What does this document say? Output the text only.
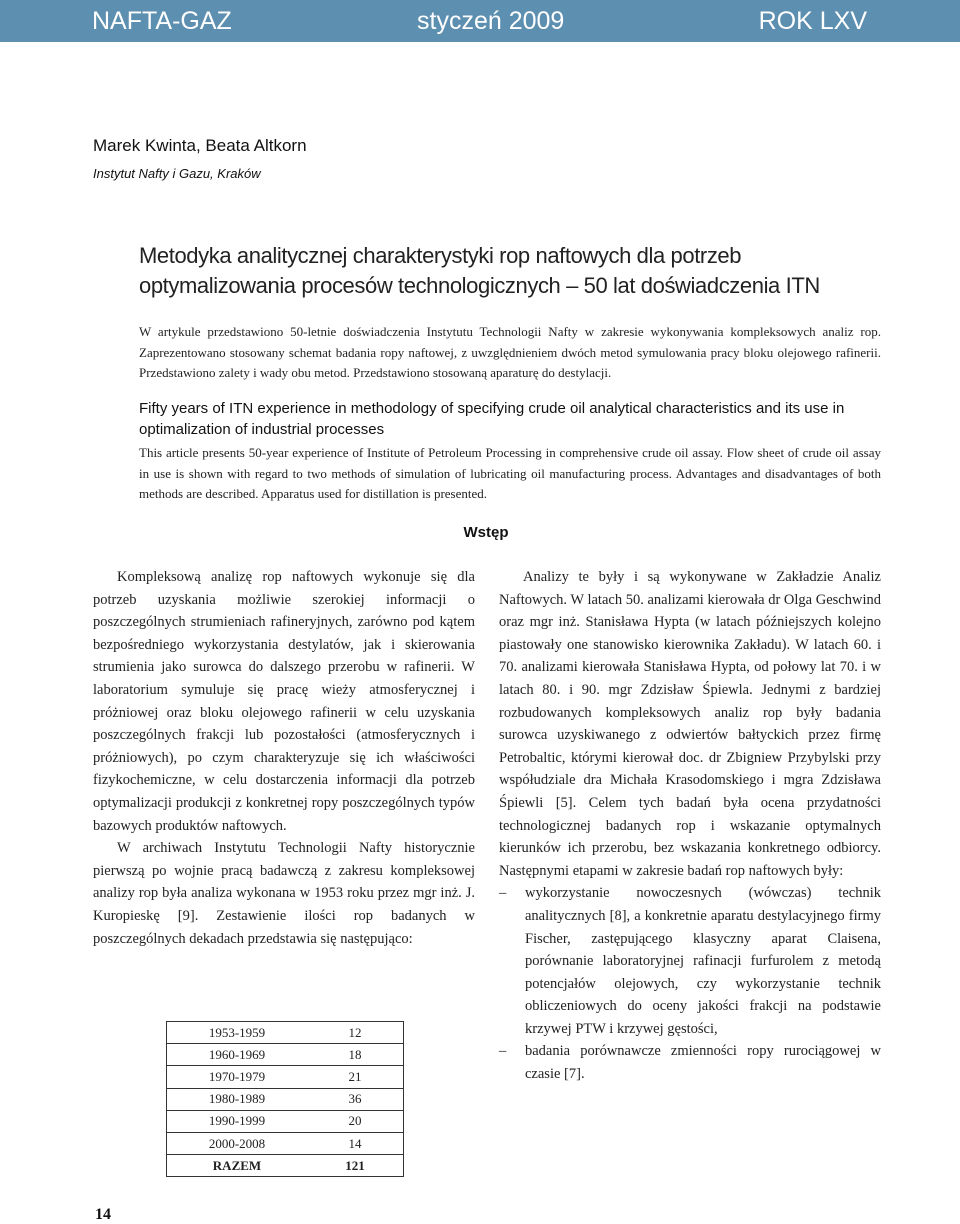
NAFTA-GAZ	styczeń 2009	ROK LXV
Marek Kwinta, Beata Altkorn
Instytut Nafty i Gazu, Kraków
Metodyka analitycznej charakterystyki rop naftowych dla potrzeb optymalizowania procesów technologicznych – 50 lat doświadczenia ITN
W artykule przedstawiono 50-letnie doświadczenia Instytutu Technologii Nafty w zakresie wykonywania kompleksowych analiz rop. Zaprezentowano stosowany schemat badania ropy naftowej, z uwzględnieniem dwóch metod symulowania pracy bloku olejowego rafinerii. Przedstawiono zalety i wady obu metod. Przedstawiono stosowaną aparaturę do destylacji.
Fifty years of ITN experience in methodology of specifying crude oil analytical characteristics and its use in optimalization of industrial processes
This article presents 50-year experience of Institute of Petroleum Processing in comprehensive crude oil assay. Flow sheet of crude oil assay in use is shown with regard to two methods of simulation of lubricating oil manufacturing process. Advantages and disadvantages of both methods are described. Apparatus used for distillation is presented.
Wstęp

Kompleksową analizę rop naftowych wykonuje się dla potrzeb uzyskania możliwie szerokiej informacji o poszczególnych strumieniach rafineryjnych, zarówno pod kątem bezpośredniego wykorzystania destylatów, jak i skierowania strumienia jako surowca do dalszego przerobu w rafinerii. W laboratorium symuluje się pracę wieży atmosferycznej i próżniowej oraz bloku olejowego rafinerii w celu uzyskania poszczególnych frakcji lub pozostałości (atmosferycznych i próżniowych), po czym charakteryzuje się ich właściwości fizykochemiczne, w celu dostarczenia informacji dla potrzeb optymalizacji produkcji z konkretnej ropy poszczególnych typów bazowych produktów naftowych.

W archiwach Instytutu Technologii Nafty historycznie pierwszą po wojnie pracą badawczą z zakresu kompleksowej analizy rop była analiza wykonana w 1953 roku przez mgr inż. J. Kuropieskę [9]. Zestawienie ilości rop badanych w poszczególnych dekadach przedstawia się następująco:

1953-1959	12
1960-1969	18
1970-1979	21
1980-1989	36
1990-1999	20
2000-2008	14
RAZEM	121

Analizy te były i są wykonywane w Zakładzie Analiz Naftowych. W latach 50. analizami kierowała dr Olga Geschwind oraz mgr inż. Stanisława Hypta (w latach późniejszych kolejno piastowały one stanowisko kierownika Zakładu). W latach 60. i 70. analizami kierowała Stanisława Hypta, od połowy lat 70. i w latach 80. i 90. mgr Zdzisław Śpiewla. Jednymi z bardziej rozbudowanych kompleksowych analiz rop były badania surowca uzyskiwanego z odwiertów bałtyckich przez firmę Petrobaltic, którymi kierował doc. dr Zbigniew Przybylski przy współudziale dra Michała Krasodomskiego i mgra Zdzisława Śpiewli [5]. Celem tych badań była ocena przydatności technologicznej badanych rop i wskazanie optymalnych kierunków ich przerobu, bez wskazania konkretnego odbiorcy. Następnymi etapami w zakresie badań rop naftowych były:

– wykorzystanie nowoczesnych (wówczas) technik analitycznych [8], a konkretnie aparatu destylacyjnego firmy Fischer, zastępującego klasyczny aparat Claisena, porównanie laboratoryjnej rafinacji furfurolem z metodą potencjałów olejowych, czy wykorzystanie technik obliczeniowych do oceny jakości frakcji na podstawie krzywej PTW i krzywej gęstości,
– badania porównawcze zmienności ropy rurociągowej w czasie [7].
14
